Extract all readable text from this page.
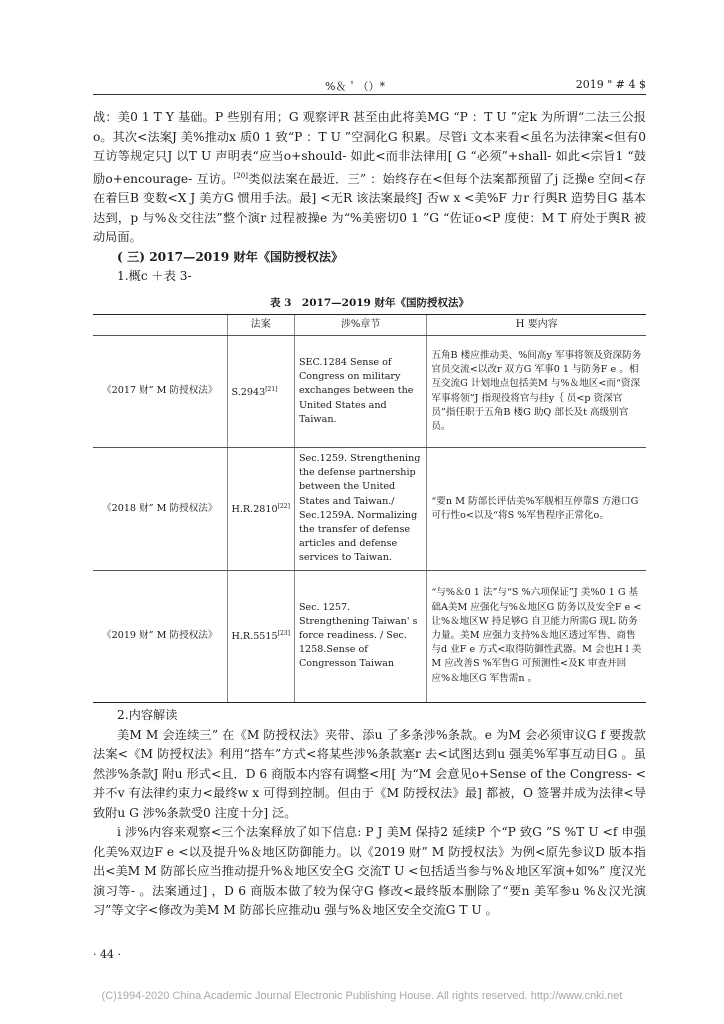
%＆＇（）*	2019 " # 4 $

战：美0 1 T Y 基础。P 些别有用；G 观察评R 甚至由此将美MG “P ：T U ”定k 为所谓“二法三公报o。其次<法案J 美%推动x 质0 1 致“P ：T U ”空洞化G 积累。尽管i 文本来看<虽名为法律案<但有0 互访等规定只J 以T U 声明表“应当o+should- 如此<而非法律用[ G “必须”+shall- 如此<宗旨1 “鼓励o+encourage- 互访。[20]类似法案在最近．三” ：始终存在<但每个法案都预留了j 泛操e 空间<存在着巨B 变数<X J 美方G 惯用手法。最] <无R 该法案最终J 否w x <美%F 力r 行舆R 造势目G 基本达到，p 与%＆交往法”整个演r 过程被操e 为“%美密切0 1 ”G “佐证o<P 度使：M T 府处于舆R 被动局面。

( 三) 2017—2019 财年《国防授权法》

1.概c ＋表 3-

表 3　2017—2019 财年《国防授权法》
	法案	涉%章节	H 要内容
《2017 财” M 防授权法》	S.2943[21]	SEC.1284 Sense of Congress on military exchanges between the United States and Taiwan.	五角B 楼应推动美、%间高y 军事将领及资深防务官员交流<以改r 双方G 军事0 1 与防务F e 。相互交流G 计划地点包括美M 与%＆地区<而“资深军事将领”J 指现役将官与挂y｛ 员<p 资深官员”指任职于五角B 楼G 助Q 部长及t 高级别官员。
《2018 财” M 防授权法》	H.R.2810[22]	Sec.1259. Strengthening the defense partnership between the United States and Taiwan./ Sec.1259A. Normalizing the transfer of defense articles and defense services to Taiwan.	“要n M 防部长评估美%军舰相互停靠S 方港口G 可行性o<以及“将S %军售程序正常化o。
《2019 财” M 防授权法》	H.R.5515[23]	Sec. 1257. Strengthening Taiwan' s force readiness. / Sec. 1258.Sense of Congresson Taiwan	“与%＆0 1 法”与“S %六项保证”J 美%0 1 G 基础A美M 应强化与%＆地区G 防务以及安全F e <让%＆地区W 持足够G 自卫能力所需G 现L 防务力量。美M 应强力支持%＆地区透过军售、商售与d 业F e 方式<取得防御性武器。M 会也H l 美M 应改善S %军售G 可预测性<及K 审查并回应%＆地区G 军售需n 。

2.内容解读

美M M 会连续三” 在《M 防授权法》夹带、添u 了多条涉%条款。e 为M 会必须审议G f 要拨款法案<《M 防授权法》利用“搭车”方式<将某些涉%条款塞r 去<试图达到u 强美%军事互动目G 。虽然涉%条款J 附u 形式<且．D 6 商版本内容有调整<用[ 为“M 会意见o+Sense of the Congress- <并不v 有法律约束力<最终w x 可得到控制。但由于《M 防授权法》最] 都被，O 签署并成为法律<导致附u G 涉%条款受0 注度十分] 泛。

i 涉%内容来观察<三个法案释放了如下信息: P J 美M 保持2 延续P 个“P 致G ”S %T U <f 申强化美%双边F e <以及提升%＆地区防御能力。以《2019 财” M 防授权法》为例<原先参议D 版本指出<美M M 防部长应当推动提升%＆地区安全G 交流T U <包括适当参与%＆地区军演+如%” 度汉光演习等- 。法案通过] ，D 6 商版本做了较为保守G 修改<最终版本删除了“要n 美军参u %＆汉光演习”等文字<修改为美M M 防部长应推动u 强与%＆地区安全交流G T U 。

· 44 ·
(C)1994-2020 China Academic Journal Electronic Publishing House. All rights reserved. http://www.cnki.net
